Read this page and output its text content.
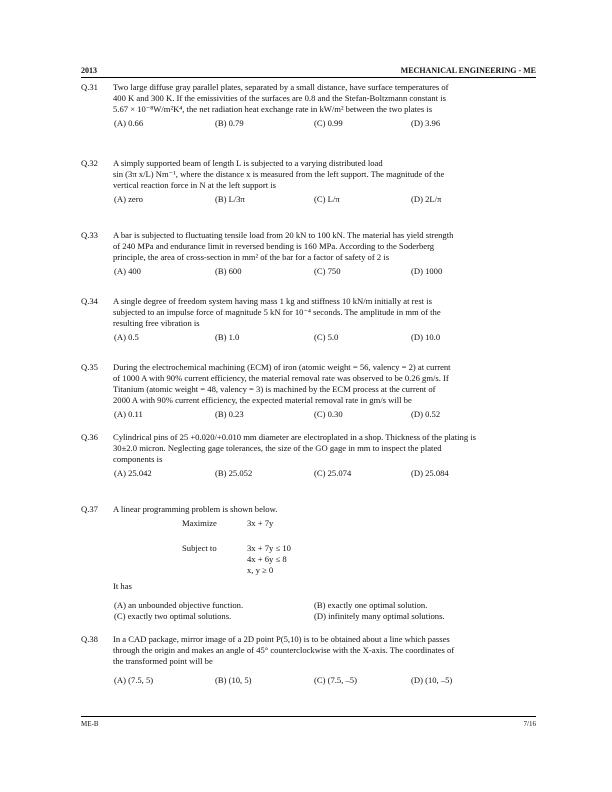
2013	MECHANICAL ENGINEERING - ME
Q.31 Two large diffuse gray parallel plates, separated by a small distance, have surface temperatures of
400 K and 300 K. If the emissivities of the surfaces are 0.8 and the Stefan-Boltzmann constant is
5.67 × 10⁻⁸W/m²K⁴, the net radiation heat exchange rate in kW/m² between the two plates is
(A) 0.66	(B) 0.79	(C) 0.99	(D) 3.96
Q.32 A simply supported beam of length L is subjected to a varying distributed load
sin (3π x/L) Nm⁻¹, where the distance x is measured from the left support. The magnitude of the
vertical reaction force in N at the left support is
(A) zero	(B) L/3π	(C) L/π	(D) 2L/π
Q.33 A bar is subjected to fluctuating tensile load from 20 kN to 100 kN. The material has yield strength
of 240 MPa and endurance limit in reversed bending is 160 MPa. According to the Soderberg
principle, the area of cross-section in mm² of the bar for a factor of safety of 2 is
(A) 400	(B) 600	(C) 750	(D) 1000
Q.34 A single degree of freedom system having mass 1 kg and stiffness 10 kN/m initially at rest is
subjected to an impulse force of magnitude 5 kN for 10⁻⁴ seconds. The amplitude in mm of the
resulting free vibration is
(A) 0.5	(B) 1.0	(C) 5.0	(D) 10.0
Q.35 During the electrochemical machining (ECM) of iron (atomic weight = 56, valency = 2) at current
of 1000 A with 90% current efficiency, the material removal rate was observed to be 0.26 gm/s. If
Titanium (atomic weight = 48, valency = 3) is machined by the ECM process at the current of
2000 A with 90% current efficiency, the expected material removal rate in gm/s will be
(A) 0.11	(B) 0.23	(C) 0.30	(D) 0.52
Q.36 Cylindrical pins of 25 +0.020/+0.010 mm diameter are electroplated in a shop. Thickness of the plating is
30±2.0 micron. Neglecting gage tolerances, the size of the GO gage in mm to inspect the plated
components is
(A) 25.042	(B) 25.052	(C) 25.074	(D) 25.084
Q.37 A linear programming problem is shown below.
Maximize	3x + 7y
Subject to	3x + 7y ≤ 10
4x + 6y ≤ 8
x, y ≥ 0
It has
(A) an unbounded objective function.	(B) exactly one optimal solution.
(C) exactly two optimal solutions.	(D) infinitely many optimal solutions.
Q.38 In a CAD package, mirror image of a 2D point P(5,10) is to be obtained about a line which passes
through the origin and makes an angle of 45° counterclockwise with the X-axis. The coordinates of
the transformed point will be
(A) (7.5, 5)	(B) (10, 5)	(C) (7.5, –5)	(D) (10, –5)
ME-B	7/16
